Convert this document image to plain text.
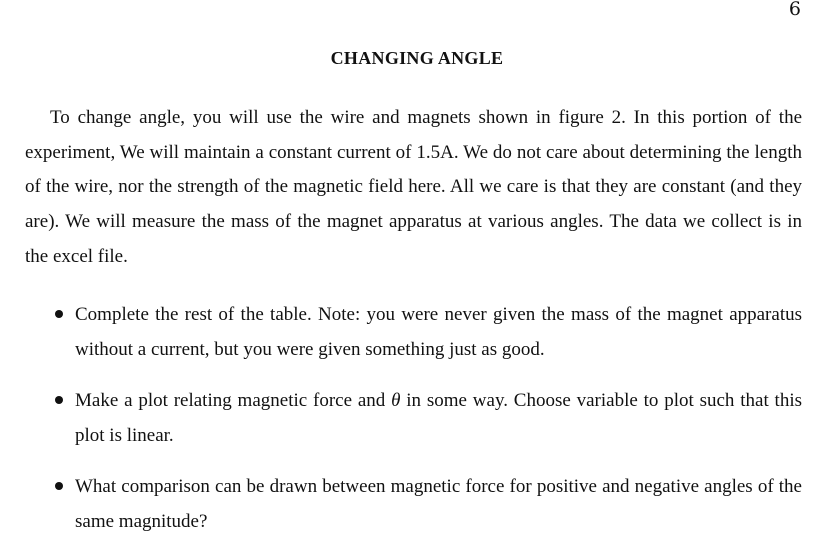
6
CHANGING ANGLE

To change angle, you will use the wire and magnets shown in figure 2. In this portion of the experiment, We will maintain a constant current of 1.5A. We do not care about determining the length of the wire, nor the strength of the magnetic field here. All we care is that they are constant (and they are). We will measure the mass of the magnet apparatus at various angles. The data we collect is in the excel file.

Complete the rest of the table. Note: you were never given the mass of the magnet apparatus without a current, but you were given something just as good.
Make a plot relating magnetic force and θ in some way. Choose variable to plot such that this plot is linear.
What comparison can be drawn between magnetic force for positive and negative angles of the same magnitude?
